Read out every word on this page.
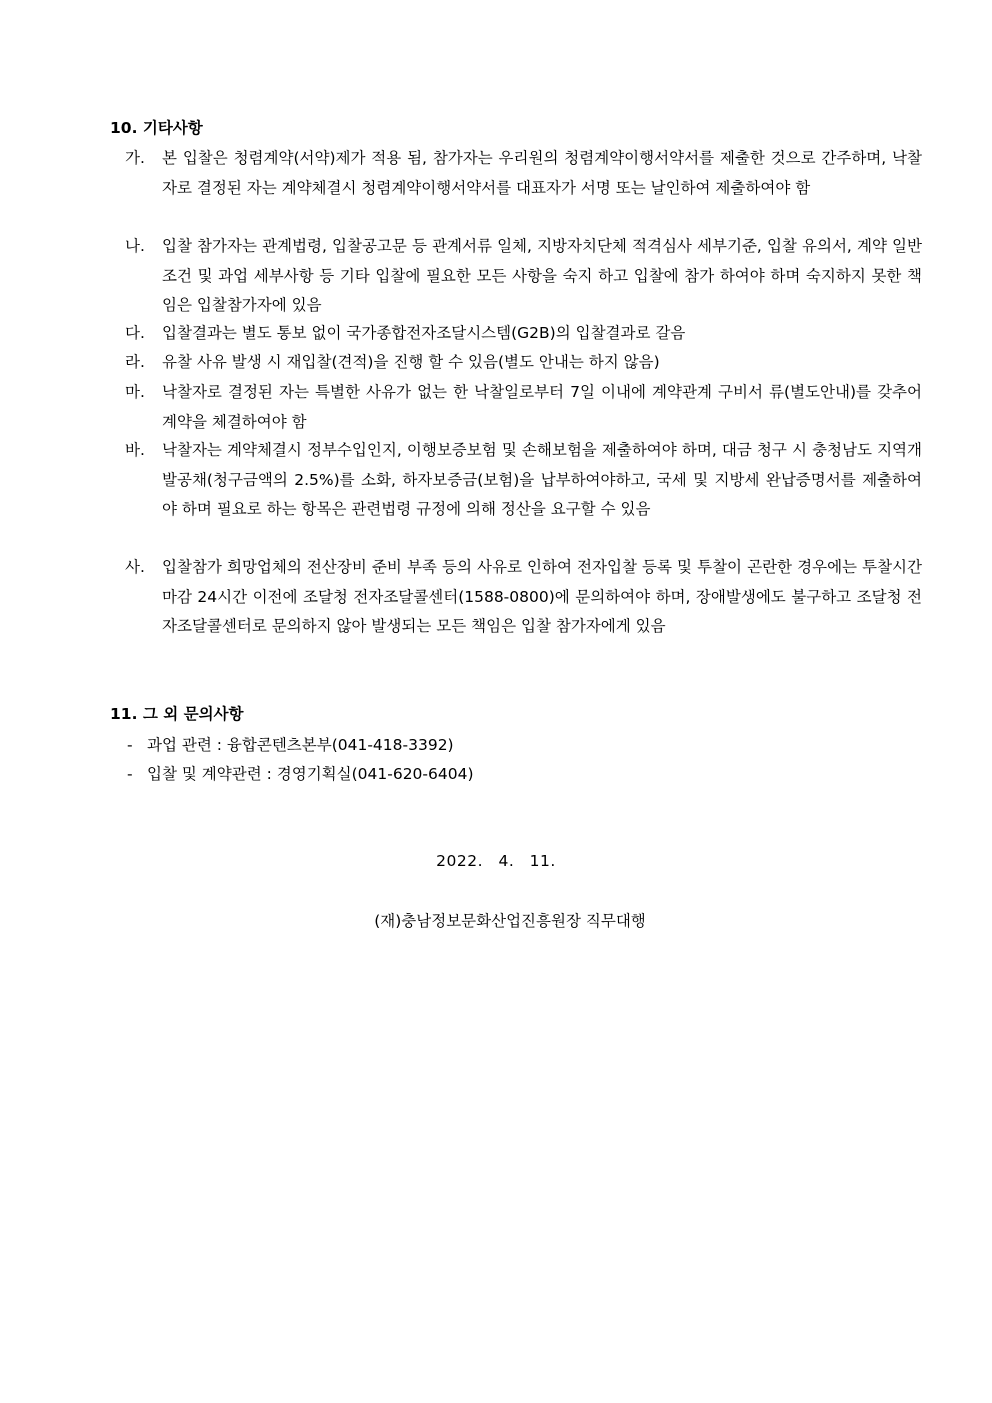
10. 기타사항
가. 본 입찰은 청렴계약(서약)제가 적용 됨, 참가자는 우리원의 청렴계약이행서약서를 제출한 것으로 간주하며, 낙찰자로 결정된 자는 계약체결시 청렴계약이행서약서를 대표자가 서명 또는 날인하여 제출하여야 함
나. 입찰 참가자는 관계법령, 입찰공고문 등 관계서류 일체, 지방자치단체 적격심사 세부기준, 입찰 유의서, 계약 일반조건 및 과업 세부사항 등 기타 입찰에 필요한 모든 사항을 숙지 하고 입찰에 참가 하여야 하며 숙지하지 못한 책임은 입찰참가자에 있음
다. 입찰결과는 별도 통보 없이 국가종합전자조달시스템(G2B)의 입찰결과로 갈음
라. 유찰 사유 발생 시 재입찰(견적)을 진행 할 수 있음(별도 안내는 하지 않음)
마. 낙찰자로 결정된 자는 특별한 사유가 없는 한 낙찰일로부터 7일 이내에 계약관계 구비서 류(별도안내)를 갖추어 계약을 체결하여야 함
바. 낙찰자는 계약체결시 정부수입인지, 이행보증보험 및 손해보험을 제출하여야 하며, 대금 청구 시 충청남도 지역개발공채(청구금액의 2.5%)를 소화, 하자보증금(보험)을 납부하여야하고, 국세 및 지방세 완납증명서를 제출하여야 하며 필요로 하는 항목은 관련법령 규정에 의해 정산을 요구할 수 있음
사. 입찰참가 희망업체의 전산장비 준비 부족 등의 사유로 인하여 전자입찰 등록 및 투찰이 곤란한 경우에는 투찰시간 마감 24시간 이전에 조달청 전자조달콜센터(1588-0800)에 문의하여야 하며, 장애발생에도 불구하고 조달청 전자조달콜센터로 문의하지 않아 발생되는 모든 책임은 입찰 참가자에게 있음
11. 그 외 문의사항
- 과업 관련 : 융합콘텐츠본부(041-418-3392)
- 입찰 및 계약관련 : 경영기획실(041-620-6404)
2022. 4. 11.
(재)충남정보문화산업진흥원장 직무대행
